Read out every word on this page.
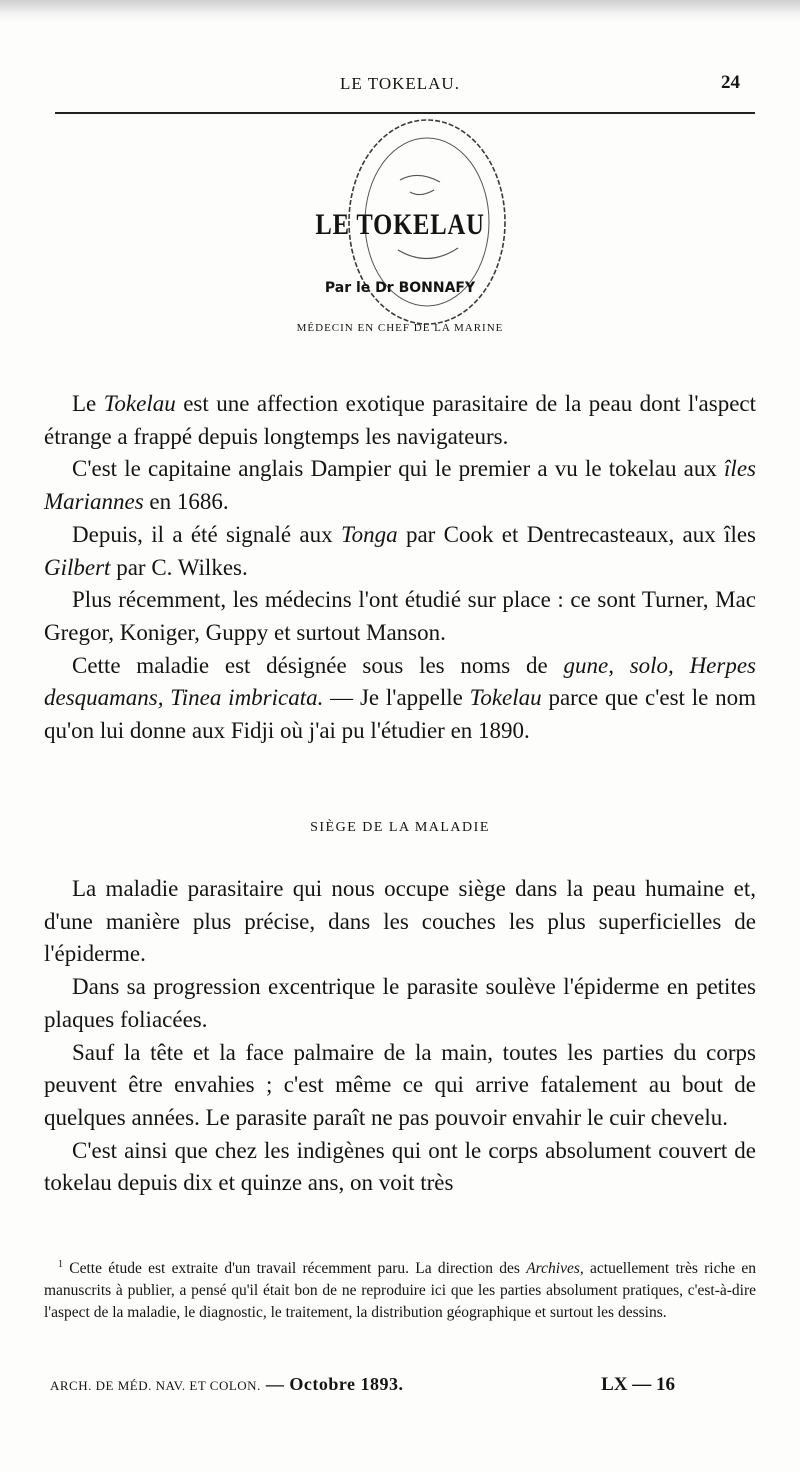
LE TOKELAU.	24
LE TOKELAU
Par le Dr BONNAFY
MÉDECIN EN CHEF DE LA MARINE

Le Tokelau est une affection exotique parasitaire de la peau dont l'aspect étrange a frappé depuis longtemps les navigateurs.

C'est le capitaine anglais Dampier qui le premier a vu le tokelau aux îles Mariannes en 1686.

Depuis, il a été signalé aux Tonga par Cook et Dentrecasteaux, aux îles Gilbert par C. Wilkes.

Plus récemment, les médecins l'ont étudié sur place : ce sont Turner, Mac Gregor, Koniger, Guppy et surtout Manson.

Cette maladie est désignée sous les noms de gune, solo, Herpes desquamans, Tinea imbricata. — Je l'appelle Tokelau parce que c'est le nom qu'on lui donne aux Fidji où j'ai pu l'étudier en 1890.

SIÈGE DE LA MALADIE

La maladie parasitaire qui nous occupe siège dans la peau humaine et, d'une manière plus précise, dans les couches les plus superficielles de l'épiderme.

Dans sa progression excentrique le parasite soulève l'épiderme en petites plaques foliacées.

Sauf la tête et la face palmaire de la main, toutes les parties du corps peuvent être envahies ; c'est même ce qui arrive fatalement au bout de quelques années. Le parasite paraît ne pas pouvoir envahir le cuir chevelu.

C'est ainsi que chez les indigènes qui ont le corps absolument couvert de tokelau depuis dix et quinze ans, on voit très

$^1$ Cette étude est extraite d'un travail récemment paru. La direction des Archives, actuellement très riche en manuscrits à publier, a pensé qu'il était bon de ne reproduire ici que les parties absolument pratiques, c'est-à-dire l'aspect de la maladie, le diagnostic, le traitement, la distribution géographique et surtout les dessins.

ARCH. DE MÉD. NAV. ET COLON. — Octobre 1893.	LX — 16
